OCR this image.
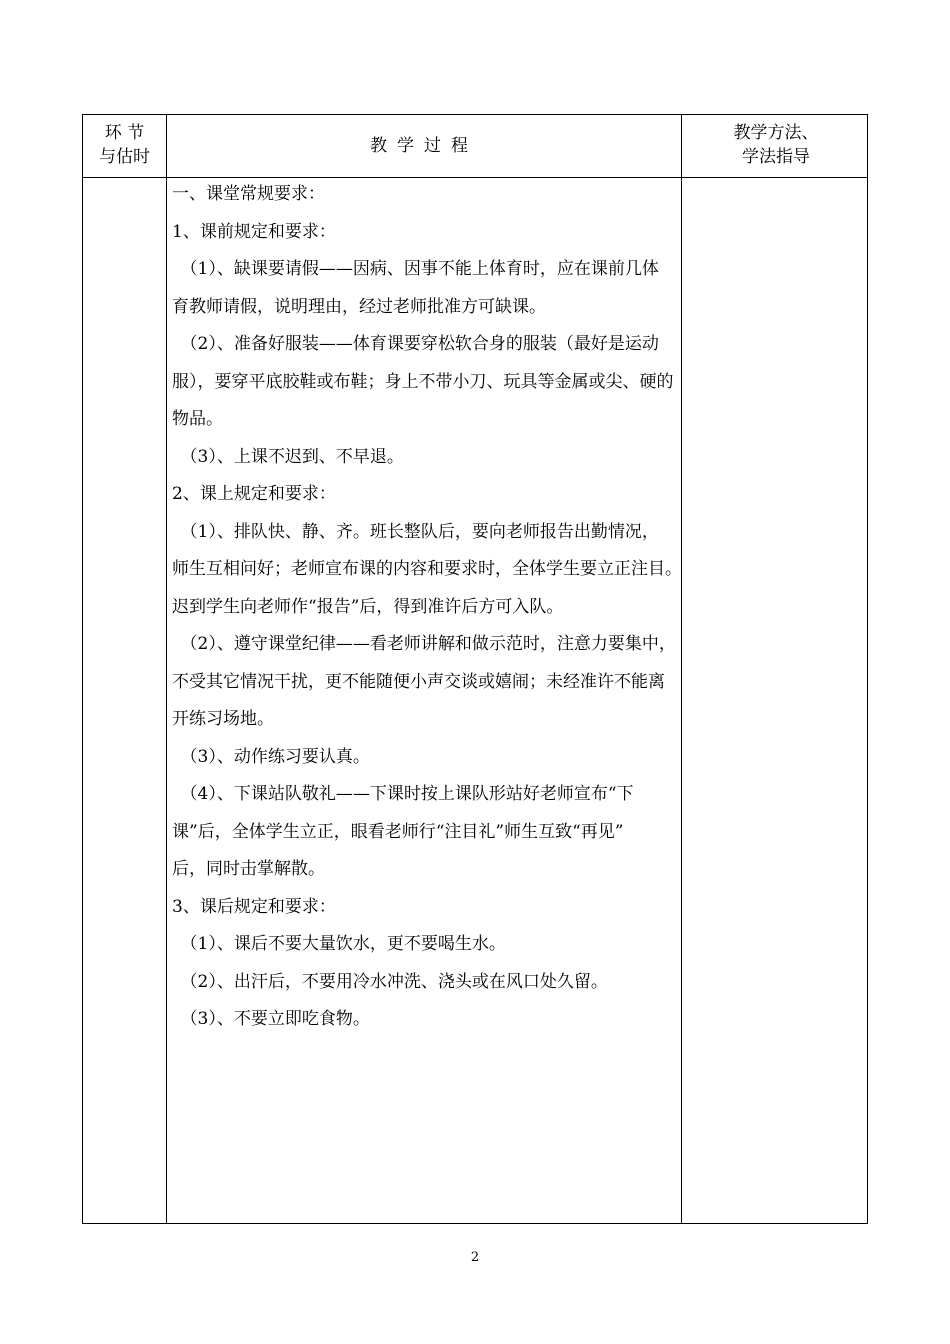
环 节
与估时
教学过程
教学方法、
学法指导

一、课堂常规要求：

1、课前规定和要求：

　（1）、缺课要请假——因病、因事不能上体育时，应在课前几体

育教师请假，说明理由，经过老师批准方可缺课。

　（2）、准备好服装——体育课要穿松软合身的服装（最好是运动

服），要穿平底胶鞋或布鞋；身上不带小刀、玩具等金属或尖、硬的

物品。

　（3）、上课不迟到、不早退。

2、课上规定和要求：

　（1）、排队快、静、齐。班长整队后，要向老师报告出勤情况，

师生互相问好；老师宣布课的内容和要求时，全体学生要立正注目。

迟到学生向老师作“报告”后，得到准许后方可入队。

　（2）、遵守课堂纪律——看老师讲解和做示范时，注意力要集中，

不受其它情况干扰，更不能随便小声交谈或嬉闹；未经准许不能离

开练习场地。

　（3）、动作练习要认真。

　（4）、下课站队敬礼——下课时按上课队形站好老师宣布“下

课”后，全体学生立正，眼看老师行“注目礼”师生互致“再见”

后，同时击掌解散。

3、课后规定和要求：

　（1）、课后不要大量饮水，更不要喝生水。

　（2）、出汗后，不要用冷水冲洗、浇头或在风口处久留。

　（3）、不要立即吃食物。

2
